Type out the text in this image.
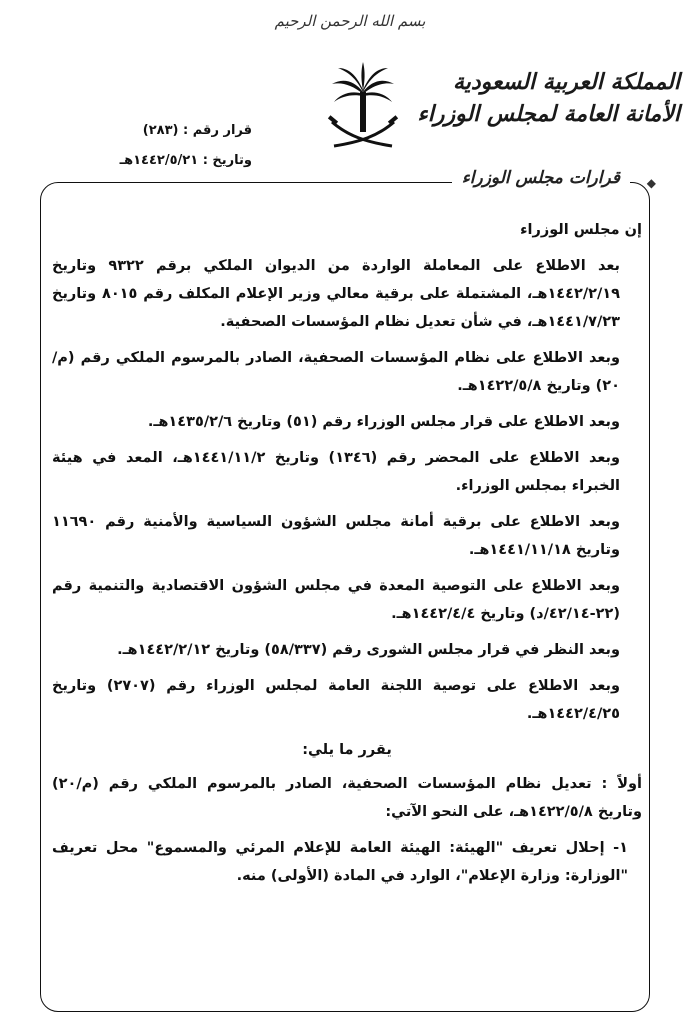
بسم الله الرحمن الرحيم
المملكة العربية السعودية
الأمانة العامة لمجلس الوزراء
قرار رقم : (٢٨٣)
وتاريخ : ١٤٤٢/٥/٢١هـ
قرارات مجلس الوزراء	◆

إن مجلس الوزراء

بعد الاطلاع على المعاملة الواردة من الديوان الملكي برقم ٩٣٢٢ وتاريخ ١٤٤٢/٢/١٩هـ، المشتملة على برقية معالي وزير الإعلام المكلف رقم ٨٠١٥ وتاريخ ١٤٤١/٧/٢٣هـ، في شأن تعديل نظام المؤسسات الصحفية.

وبعد الاطلاع على نظام المؤسسات الصحفية، الصادر بالمرسوم الملكي رقم (م/٢٠) وتاريخ ١٤٢٢/٥/٨هـ.

وبعد الاطلاع على قرار مجلس الوزراء رقم (٥١) وتاريخ ١٤٣٥/٢/٦هـ.

وبعد الاطلاع على المحضر رقم (١٣٤٦) وتاريخ ١٤٤١/١١/٢هـ، المعد في هيئة الخبراء بمجلس الوزراء.

وبعد الاطلاع على برقية أمانة مجلس الشؤون السياسية والأمنية رقم ١١٦٩٠ وتاريخ ١٤٤١/١١/١٨هـ.

وبعد الاطلاع على التوصية المعدة في مجلس الشؤون الاقتصادية والتنمية رقم (٢٢-٤٢/١٤/د) وتاريخ ١٤٤٢/٤/٤هـ.

وبعد النظر في قرار مجلس الشورى رقم (٥٨/٣٣٧) وتاريخ ١٤٤٢/٢/١٢هـ.

وبعد الاطلاع على توصية اللجنة العامة لمجلس الوزراء رقم (٢٧٠٧) وتاريخ ١٤٤٢/٤/٢٥هـ.

يقرر ما يلي:

أولاً : تعديل نظام المؤسسات الصحفية، الصادر بالمرسوم الملكي رقم (م/٢٠) وتاريخ ١٤٢٢/٥/٨هـ، على النحو الآتي:

١- إحلال تعريف "الهيئة: الهيئة العامة للإعلام المرئي والمسموع" محل تعريف "الوزارة: وزارة الإعلام"، الوارد في المادة (الأولى) منه.
